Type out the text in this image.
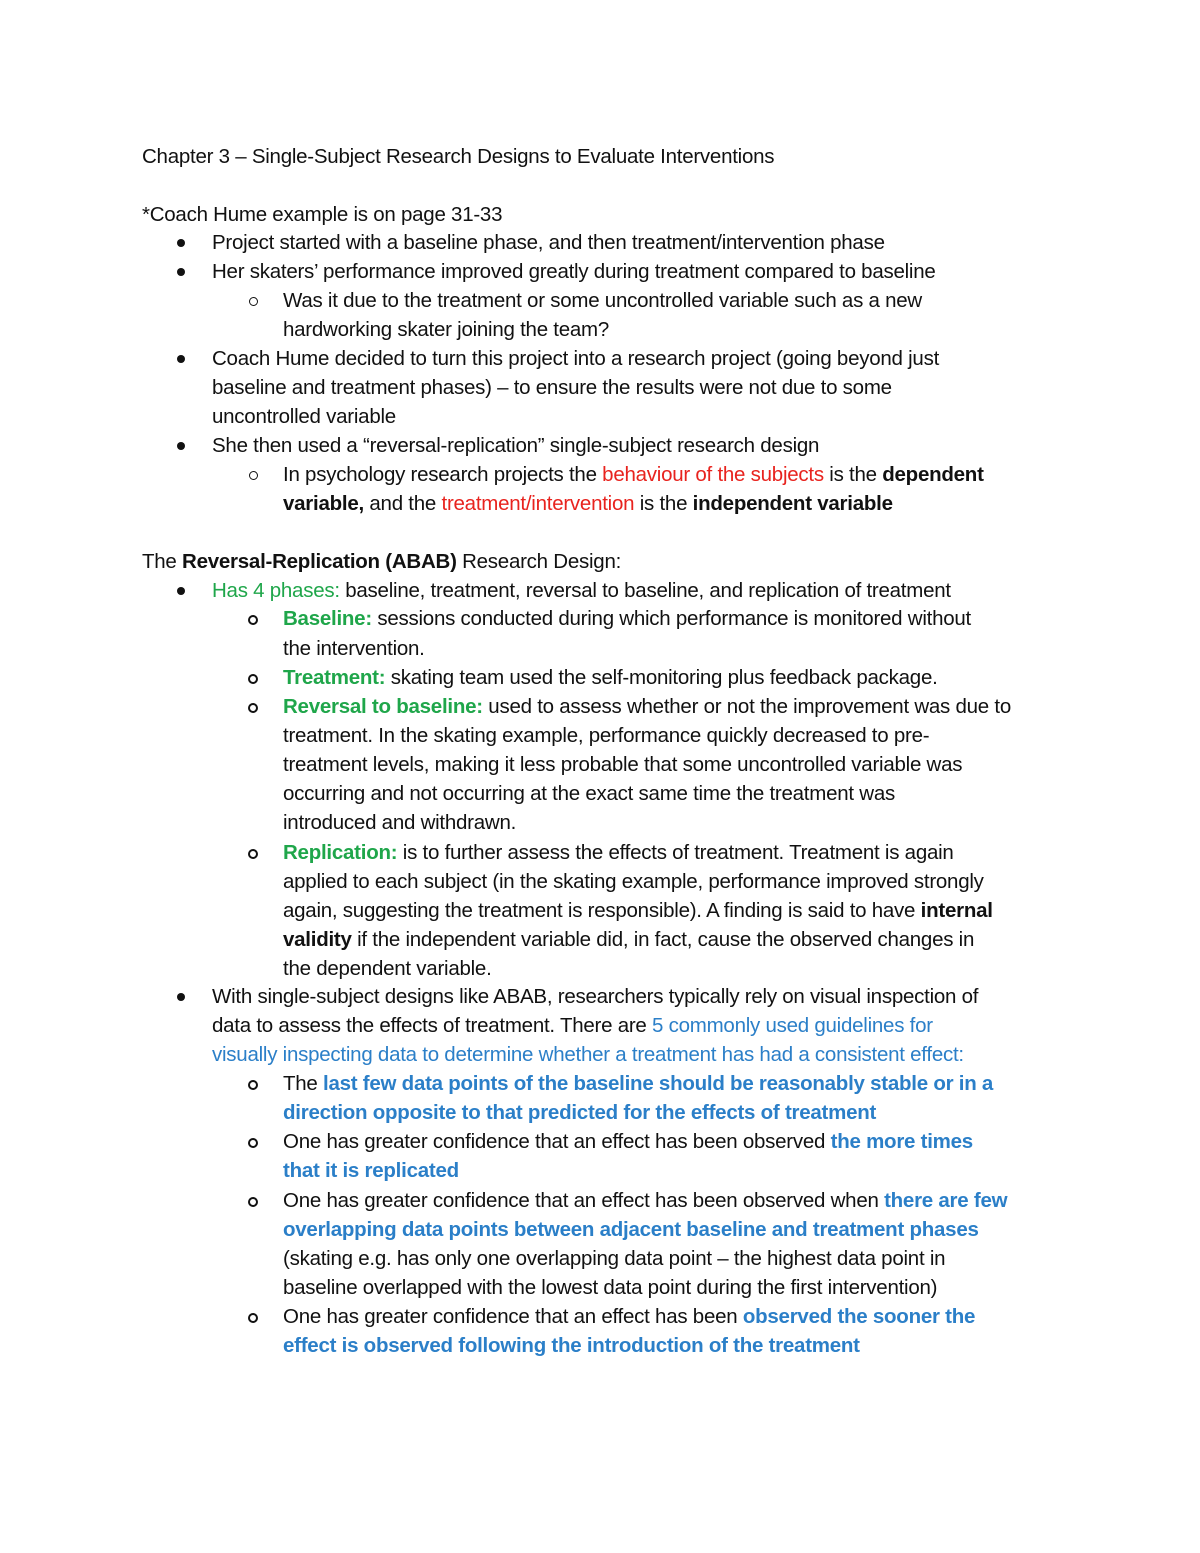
Chapter 3 – Single-Subject Research Designs to Evaluate Interventions
*Coach Hume example is on page 31-33
Project started with a baseline phase, and then treatment/intervention phase
Her skaters’ performance improved greatly during treatment compared to baseline
Was it due to the treatment or some uncontrolled variable such as a new
hardworking skater joining the team?
Coach Hume decided to turn this project into a research project (going beyond just
baseline and treatment phases) – to ensure the results were not due to some
uncontrolled variable
She then used a “reversal-replication” single-subject research design
In psychology research projects the behaviour of the subjects is the dependent
variable, and the treatment/intervention is the independent variable
The Reversal-Replication (ABAB) Research Design:
Has 4 phases: baseline, treatment, reversal to baseline, and replication of treatment
Baseline: sessions conducted during which performance is monitored without
the intervention.
Treatment: skating team used the self-monitoring plus feedback package.
Reversal to baseline: used to assess whether or not the improvement was due to
treatment. In the skating example, performance quickly decreased to pre-
treatment levels, making it less probable that some uncontrolled variable was
occurring and not occurring at the exact same time the treatment was
introduced and withdrawn.
Replication: is to further assess the effects of treatment. Treatment is again
applied to each subject (in the skating example, performance improved strongly
again, suggesting the treatment is responsible). A finding is said to have internal
validity if the independent variable did, in fact, cause the observed changes in
the dependent variable.
With single-subject designs like ABAB, researchers typically rely on visual inspection of
data to assess the effects of treatment. There are 5 commonly used guidelines for
visually inspecting data to determine whether a treatment has had a consistent effect:
The last few data points of the baseline should be reasonably stable or in a
direction opposite to that predicted for the effects of treatment
One has greater confidence that an effect has been observed the more times
that it is replicated
One has greater confidence that an effect has been observed when there are few
overlapping data points between adjacent baseline and treatment phases
(skating e.g. has only one overlapping data point – the highest data point in
baseline overlapped with the lowest data point during the first intervention)
One has greater confidence that an effect has been observed the sooner the
effect is observed following the introduction of the treatment
